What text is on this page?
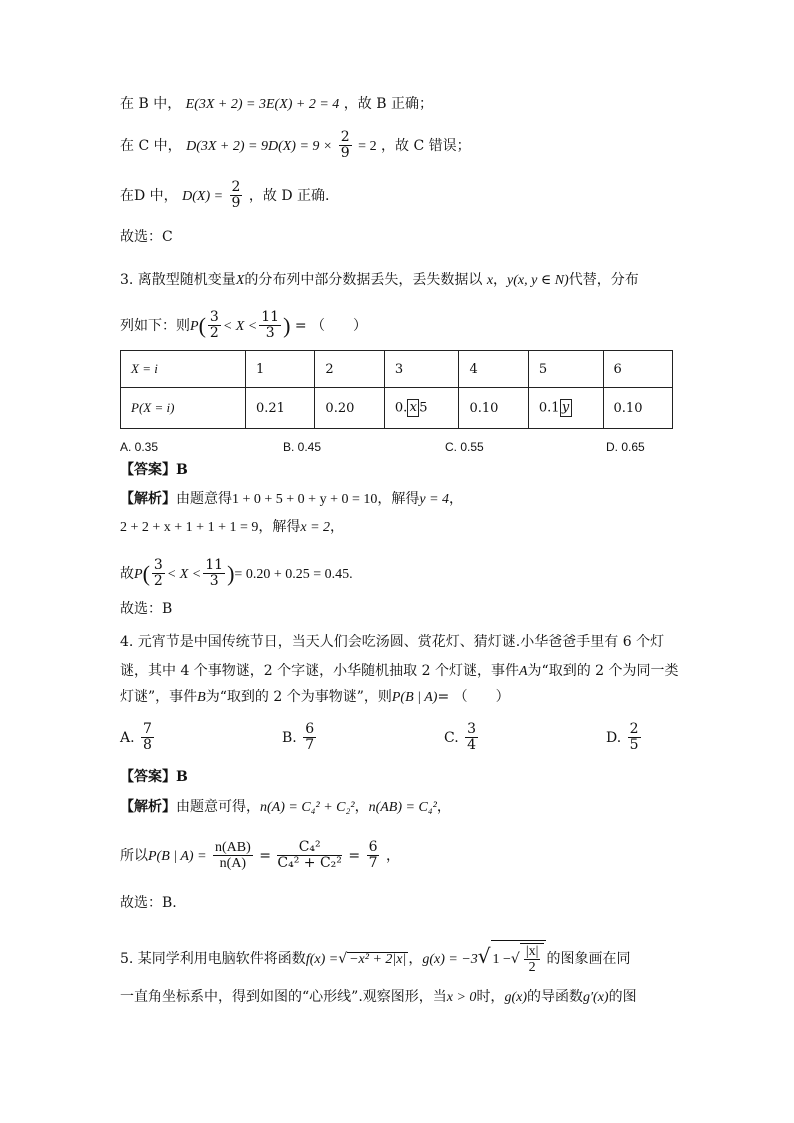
在 B 中， E(3X + 2) = 3E(X) + 2 = 4 ，故 B 正确；
在 C 中， $D(3X + 2) = 9D(X) = 9 \times \frac{2}{9} = 2$ ，故 C 错误；
在D 中， $D(X) = \frac{2}{9}$ ，故 D 正确.
故选：C
3. 离散型随机变量X的分布列中部分数据丢失，丢失数据以 x，y(x, y ∈ N)代替，分布
列如下：则$P( \frac{3}{2} < X < \frac{11}{3}$ ) = （　　）
X = i	1	2	3	4	5	6
P(X = i)	0.21	0.20	0. x 5	0.10	0.1 y	0.10
A. 0.35	B. 0.45	C. 0.55	D. 0.65
【答案】B
【解析】由题意得1 + 0 + 5 + 0 + y + 0 = 10，解得y = 4，
2 + 2 + x + 1 + 1 + 1 = 9，解得x = 2，
故$P( \frac{3}{2} < X < \frac{11}{3}$ )= 0.20 + 0.25 = 0.45.
故选：B
4. 元宵节是中国传统节日，当天人们会吃汤圆、赏花灯、猜灯谜.小华爸爸手里有 6 个灯
谜，其中 4 个事物谜，2 个字谜，小华随机抽取 2 个灯谜，事件A为“取到的 2 个为同一类
灯谜”，事件B为“取到的 2 个为事物谜”，则P(B | A)= （　　）
A. $\frac{7}{8}$	B. $\frac{6}{7}$	C. $\frac{3}{4}$	D. $\frac{2}{5}$
【答案】B
【解析】由题意可得，n(A) = C₄² + C₂²，n(AB) = C₄²，
所以P(B | $A) = \frac{n(AB)}{n(A)} = \frac{\text{C₄²}}{\text{C₄² + C₂²}} = \frac{6}{7}$ ，
故选：B.
5. 某同学利用电脑软件将函数f(x) =√ −x² + 2|x| ，g(x) = −3√ 1 −√ $\frac{|x|}{2}$ 的图象画在同
一直角坐标系中，得到如图的“心形线”.观察图形，当x > 0时，g(x)的导函数g′(x)的图
